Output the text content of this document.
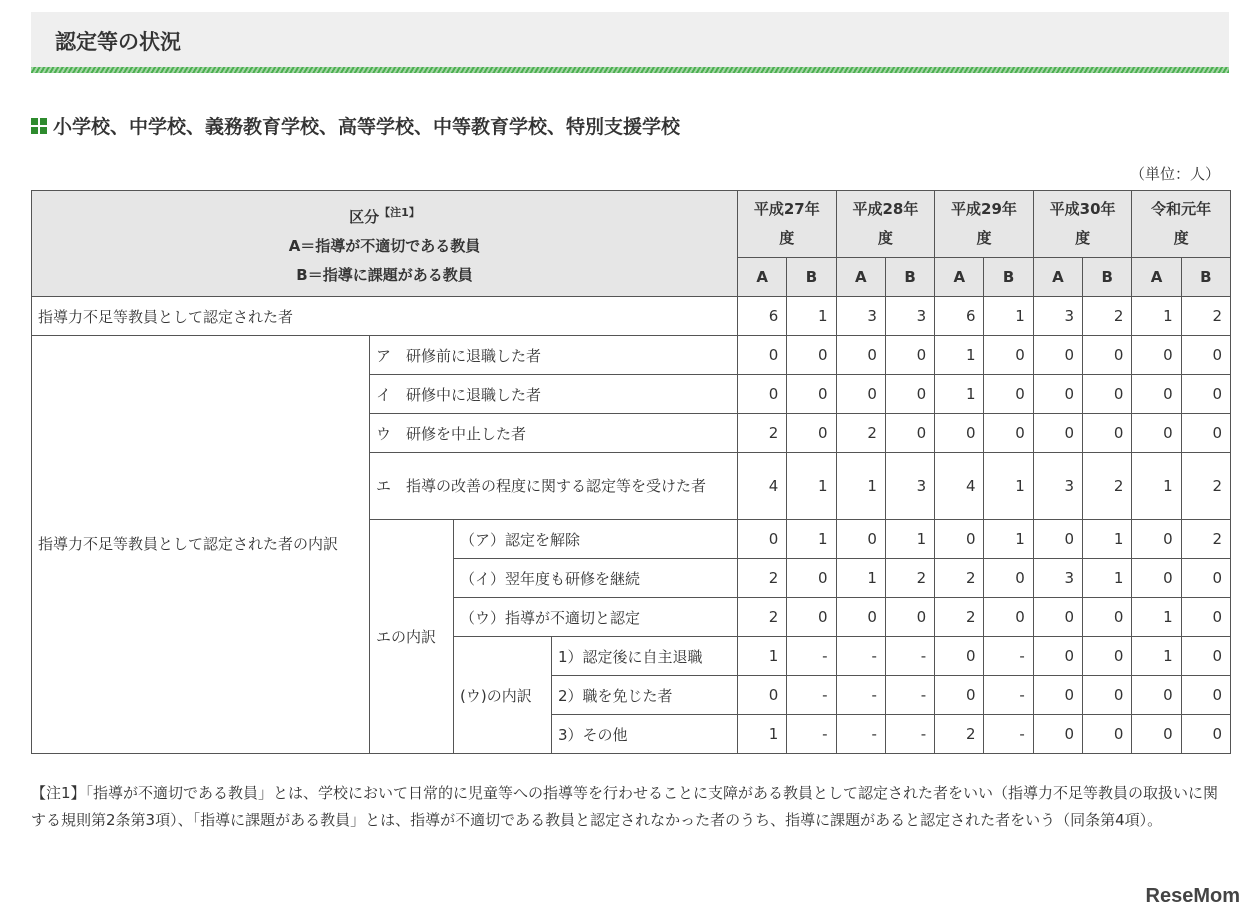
認定等の状況
小学校、中学校、義務教育学校、高等学校、中等教育学校、特別支援学校
（単位：人）
区分$^{【注1】}$
A＝指導が不適切である教員
B＝指導に課題がある教員				平成27年度		平成28年度		平成29年度		平成30年度		令和元年度	
				A	B	A	B	A	B	A	B	A	B
指導力不足等教員として認定された者				6	1	3	3	6	1	3	2	1	2
指導力不足等教員として認定された者の内訳	ア　研修前に退職した者			0	0	0	0	1	0	0	0	0	0
	イ　研修中に退職した者			0	0	0	0	1	0	0	0	0	0
	ウ　研修を中止した者			2	0	2	0	0	0	0	0	0	0
	エ　指導の改善の程度に関する認定等を受けた者			4	1	1	3	4	1	3	2	1	2
	エの内訳	（ア）認定を解除		0	1	0	1	0	1	0	1	0	2
		（イ）翌年度も研修を継続		2	0	1	2	2	0	3	1	0	0
		（ウ）指導が不適切と認定		2	0	0	0	2	0	0	0	1	0
		(ウ)の内訳	1）認定後に自主退職	1	-	-	-	0	-	0	0	1	0
			2）職を免じた者	0	-	-	-	0	-	0	0	0	0
			3）その他	1	-	-	-	2	-	0	0	0	0
【注1】「指導が不適切である教員」とは、学校において日常的に児童等への指導等を行わせることに支障がある教員として認定された者をいい（指導力不足等教員の取扱いに関する規則第2条第3項）、「指導に課題がある教員」とは、指導が不適切である教員と認定されなかった者のうち、指導に課題があると認定された者をいう（同条第4項）。
ReseMom
